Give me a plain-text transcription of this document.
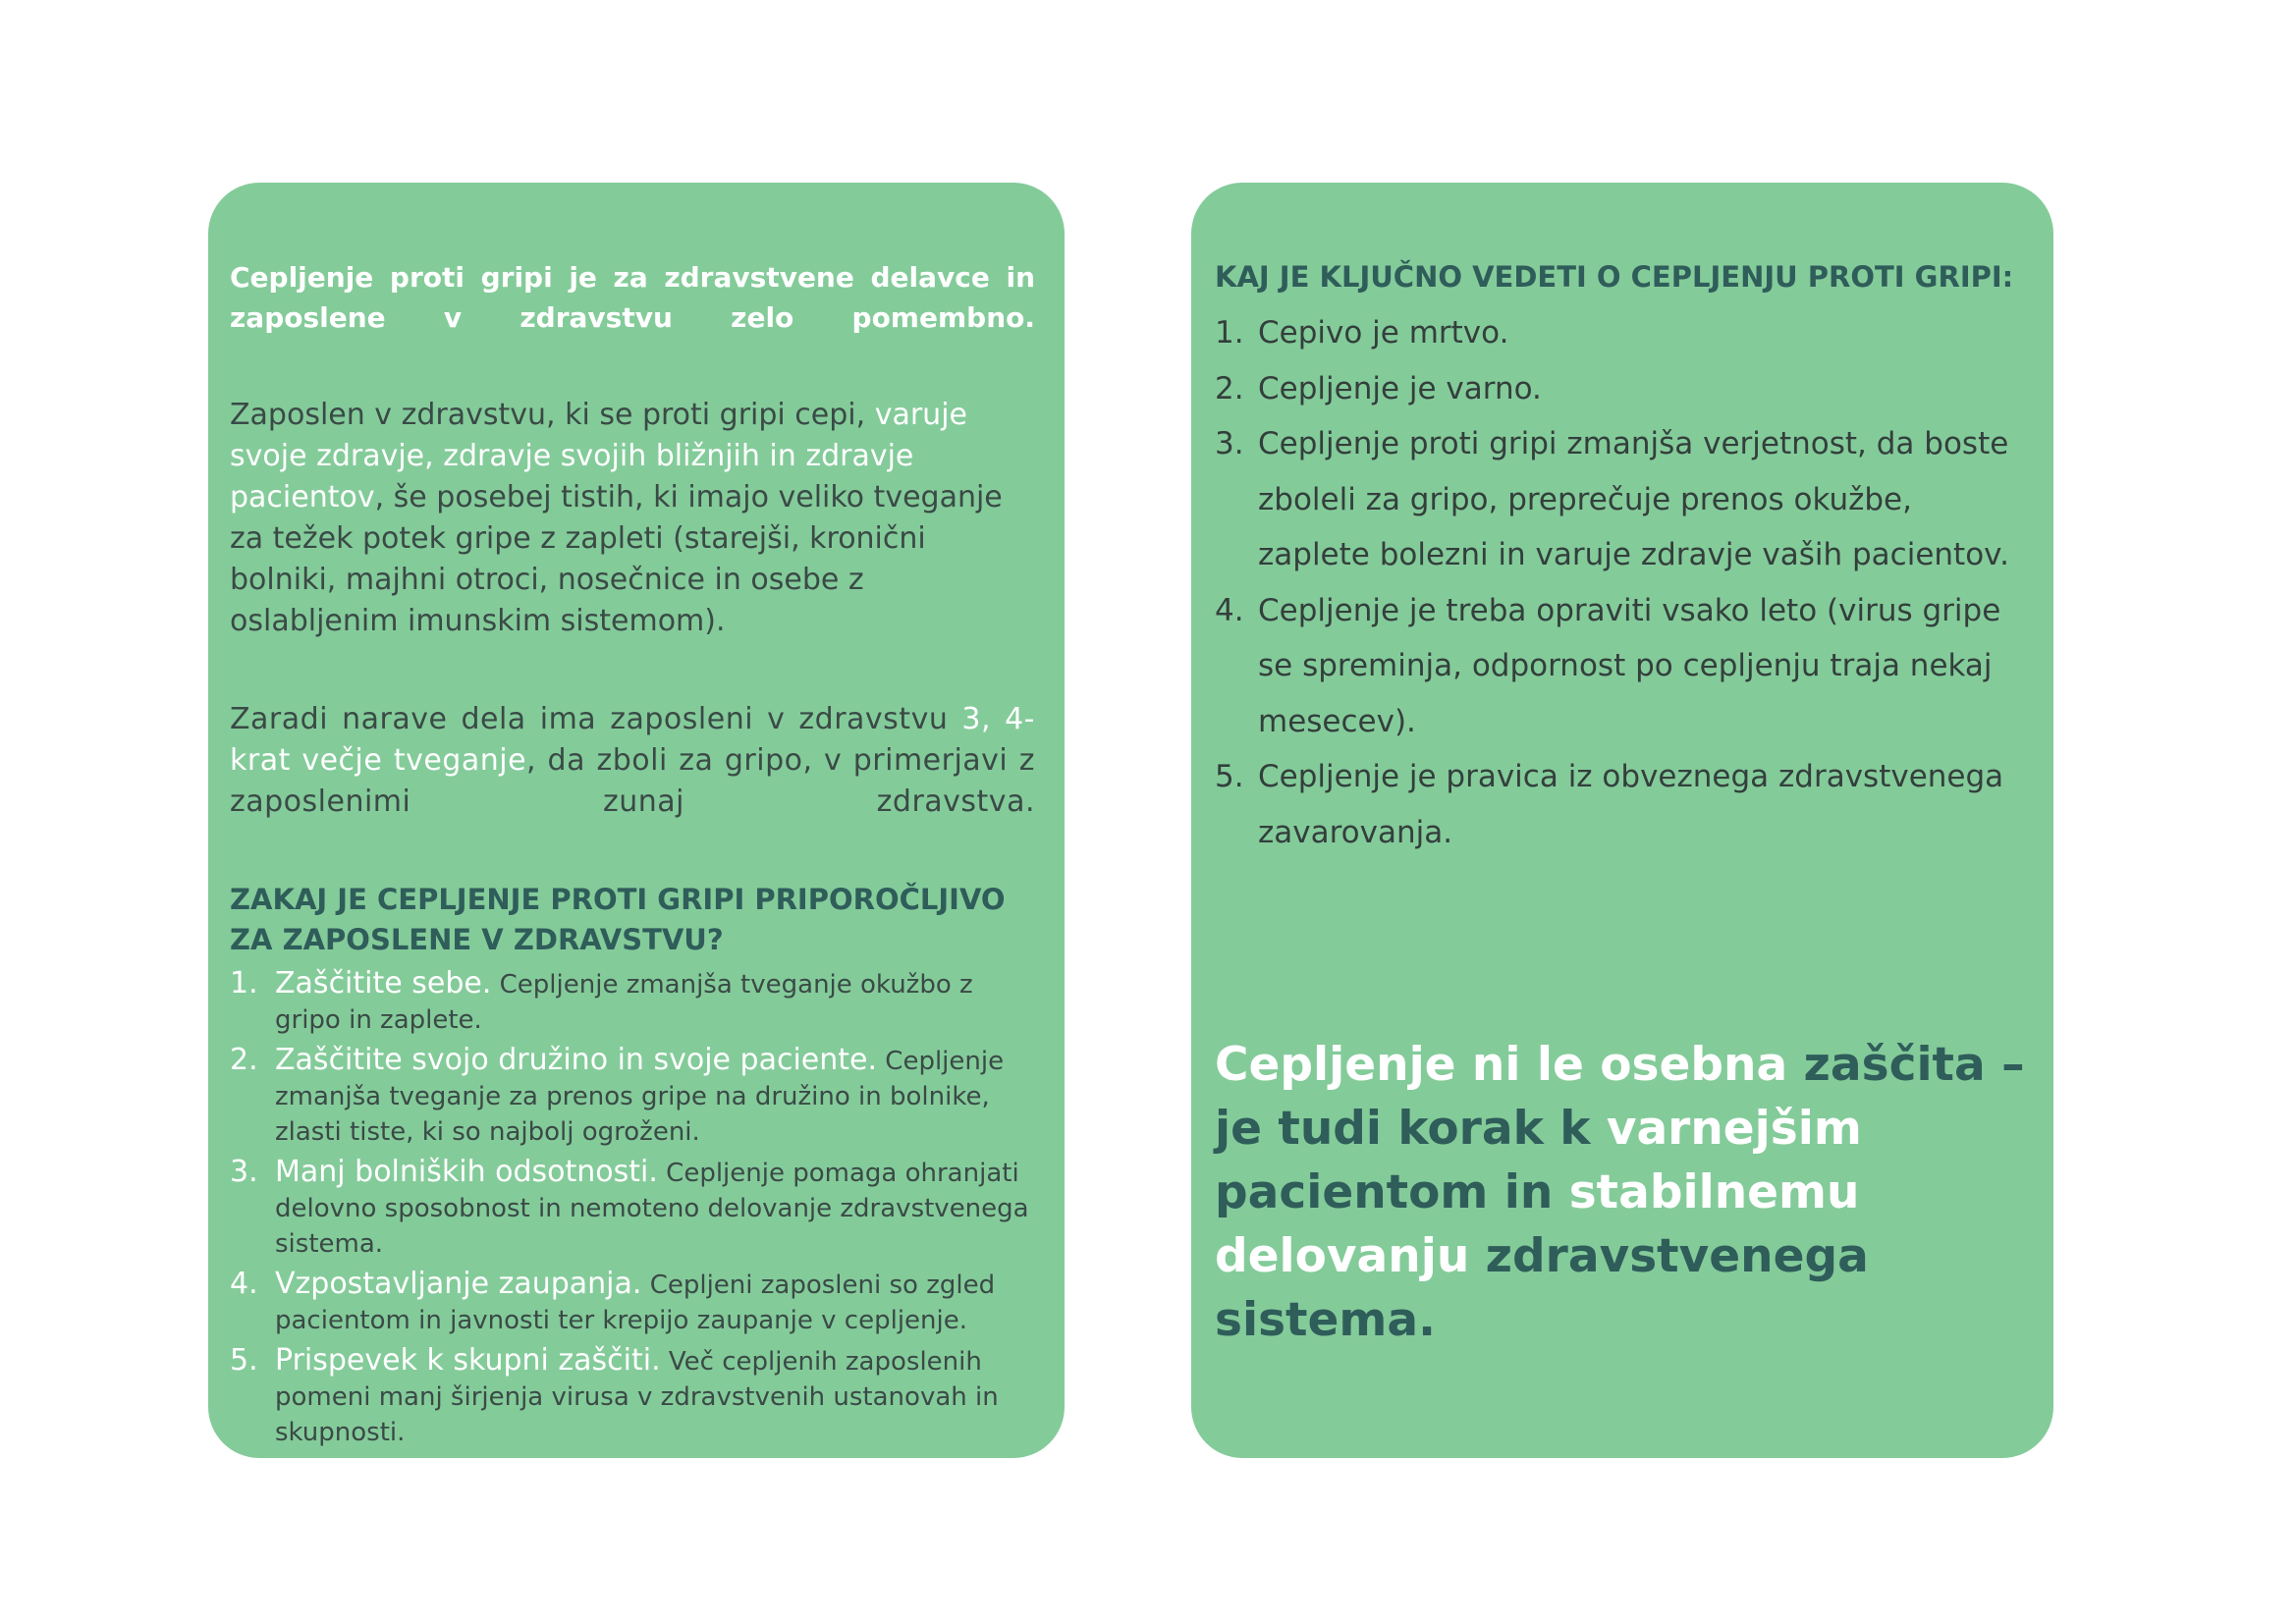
Cepljenje proti gripi je za zdravstvene delavce in zaposlene v zdravstvu zelo pomembno.

Zaposlen v zdravstvu, ki se proti gripi cepi, varuje svoje zdravje, zdravje svojih bližnjih in zdravje pacientov, še posebej tistih, ki imajo veliko tveganje za težek potek gripe z zapleti (starejši, kronični bolniki, majhni otroci, nosečnice in osebe z oslabljenim imunskim sistemom).

Zaradi narave dela ima zaposleni v zdravstvu 3, 4-krat večje tveganje, da zboli za gripo, v primerjavi z zaposlenimi zunaj zdravstva.

ZAKAJ JE CEPLJENJE PROTI GRIPI PRIPOROČLJIVO ZA ZAPOSLENE V ZDRAVSTVU?
1. Zaščitite sebe. Cepljenje zmanjša tveganje okužbo z gripo in zaplete.
2. Zaščitite svojo družino in svoje paciente. Cepljenje zmanjša tveganje za prenos gripe na družino in bolnike, zlasti tiste, ki so najbolj ogroženi.
3. Manj bolniških odsotnosti. Cepljenje pomaga ohranjati delovno sposobnost in nemoteno delovanje zdravstvenega sistema.
4. Vzpostavljanje zaupanja. Cepljeni zaposleni so zgled pacientom in javnosti ter krepijo zaupanje v cepljenje.
5. Prispevek k skupni zaščiti. Več cepljenih zaposlenih pomeni manj širjenja virusa v zdravstvenih ustanovah in skupnosti.
KAJ JE KLJUČNO VEDETI O CEPLJENJU PROTI GRIPI:
1. Cepivo je mrtvo.
2. Cepljenje je varno.
3. Cepljenje proti gripi zmanjša verjetnost, da boste zboleli za gripo, preprečuje prenos okužbe, zaplete bolezni in varuje zdravje vaših pacientov.
4. Cepljenje je treba opraviti vsako leto (virus gripe se spreminja, odpornost po cepljenju traja nekaj mesecev).
5. Cepljenje je pravica iz obveznega zdravstvenega zavarovanja.

Cepljenje ni le osebna zaščita – je tudi korak k varnejšim pacientom in stabilnemu delovanju zdravstvenega sistema.
